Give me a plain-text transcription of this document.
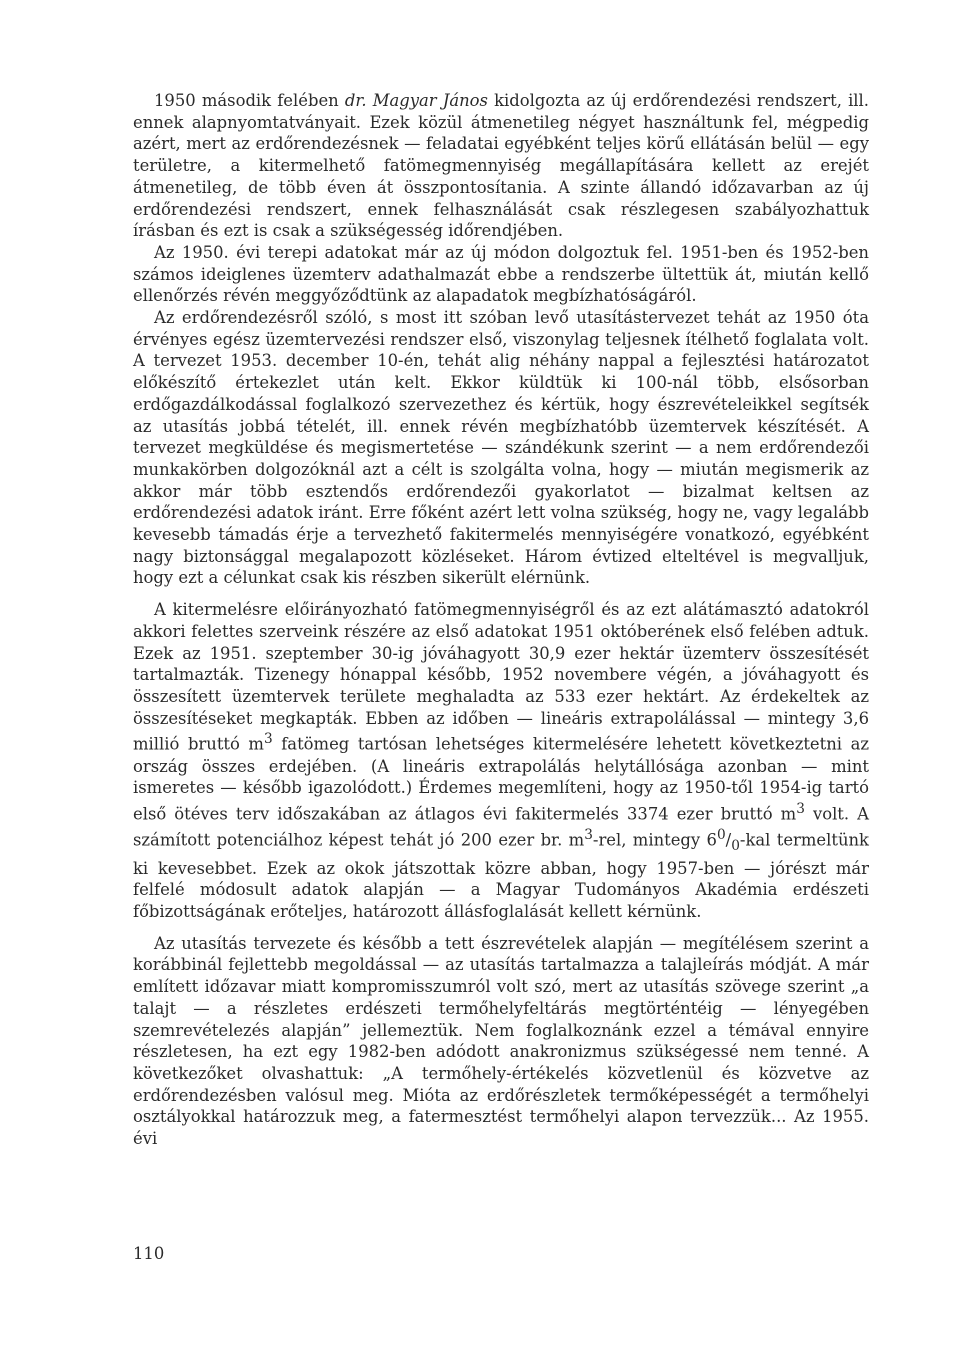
1950 második felében dr. Magyar János kidolgozta az új erdőrendezési rendszert, ill. ennek alapnyomtatványait. Ezek közül átmenetileg négyet használtunk fel, mégpedig azért, mert az erdőrendezésnek — feladatai egyébként teljes körű ellátásán belül — egy területre, a kitermelhető fatömegmennyiség megállapítására kellett az erejét átmenetileg, de több éven át összpontosítania. A szinte állandó időzavarban az új erdőrendezési rendszert, ennek felhasználását csak részlegesen szabályozhattuk írásban és ezt is csak a szükségesség időrendjében.

Az 1950. évi terepi adatokat már az új módon dolgoztuk fel. 1951-ben és 1952-ben számos ideiglenes üzemterv adathalmazát ebbe a rendszerbe ültettük át, miután kellő ellenőrzés révén meggyőződtünk az alapadatok megbízhatóságáról.

Az erdőrendezésről szóló, s most itt szóban levő utasítástervezet tehát az 1950 óta érvényes egész üzemtervezési rendszer első, viszonylag teljesnek ítélhető foglalata volt. A tervezet 1953. december 10-én, tehát alig néhány nappal a fejlesztési határozatot előkészítő értekezlet után kelt. Ekkor küldtük ki 100-nál több, elsősorban erdőgazdálkodással foglalkozó szervezethez és kértük, hogy észrevételeikkel segítsék az utasítás jobbá tételét, ill. ennek révén megbízhatóbb üzemtervek készítését. A tervezet megküldése és megismertetése — szándékunk szerint — a nem erdőrendezői munkakörben dolgozóknál azt a célt is szolgálta volna, hogy — miután megismerik az akkor már több esztendős erdőrendezői gyakorlatot — bizalmat keltsen az erdőrendezési adatok iránt. Erre főként azért lett volna szükség, hogy ne, vagy legalább kevesebb támadás érje a tervezhető fakitermelés mennyiségére vonatkozó, egyébként nagy biztonsággal megalapozott közléseket. Három évtized elteltével is megvalljuk, hogy ezt a célunkat csak kis részben sikerült elérnünk.

A kitermelésre előirányozható fatömegmennyiségről és az ezt alátámasztó adatokról akkori felettes szerveink részére az első adatokat 1951 októberének első felében adtuk. Ezek az 1951. szeptember 30-ig jóváhagyott 30,9 ezer hektár üzemterv összesítését tartalmazták. Tizenegy hónappal később, 1952 novembere végén, a jóváhagyott és összesített üzemtervek területe meghaladta az 533 ezer hektárt. Az érdekeltek az összesítéseket megkapták. Ebben az időben — lineáris extrapolálással — mintegy 3,6 millió bruttó $m^3$ fatömeg tartósan lehetséges kitermelésére lehetett következtetni az ország összes erdejében. (A lineáris extrapolálás helytállósága azonban — mint ismeretes — később igazolódott.) Érdemes megemlíteni, hogy az 1950-től 1954-ig tartó első ötéves terv időszakában az átlagos évi fakitermelés 3374 ezer bruttó $m^3$ volt. A számított potenciálhoz képest tehát jó 200 ezer br. $m^3$-rel, mintegy $6^0/_0$-kal termeltünk ki kevesebbet. Ezek az okok játszottak közre abban, hogy 1957-ben — jórészt már felfelé módosult adatok alapján — a Magyar Tudományos Akadémia erdészeti főbizottságának erőteljes, határozott állásfoglalását kellett kérnünk.

Az utasítás tervezete és később a tett észrevételek alapján — megítélésem szerint a korábbinál fejlettebb megoldással — az utasítás tartalmazza a talajleírás módját. A már említett időzavar miatt kompromisszumról volt szó, mert az utasítás szövege szerint „a talajt — a részletes erdészeti termőhelyfeltárás megtörténtéig — lényegében szemrevételezés alapján” jellemeztük. Nem foglalkoznánk ezzel a témával ennyire részletesen, ha ezt egy 1982-ben adódott anakronizmus szükségessé nem tenné. A következőket olvashattuk: „A termőhely-értékelés közvetlenül és közvetve az erdőrendezésben valósul meg. Mióta az erdőrészletek termőképességét a termőhelyi osztályokkal határozzuk meg, a fatermesztést termőhelyi alapon tervezzük... Az 1955. évi

110
